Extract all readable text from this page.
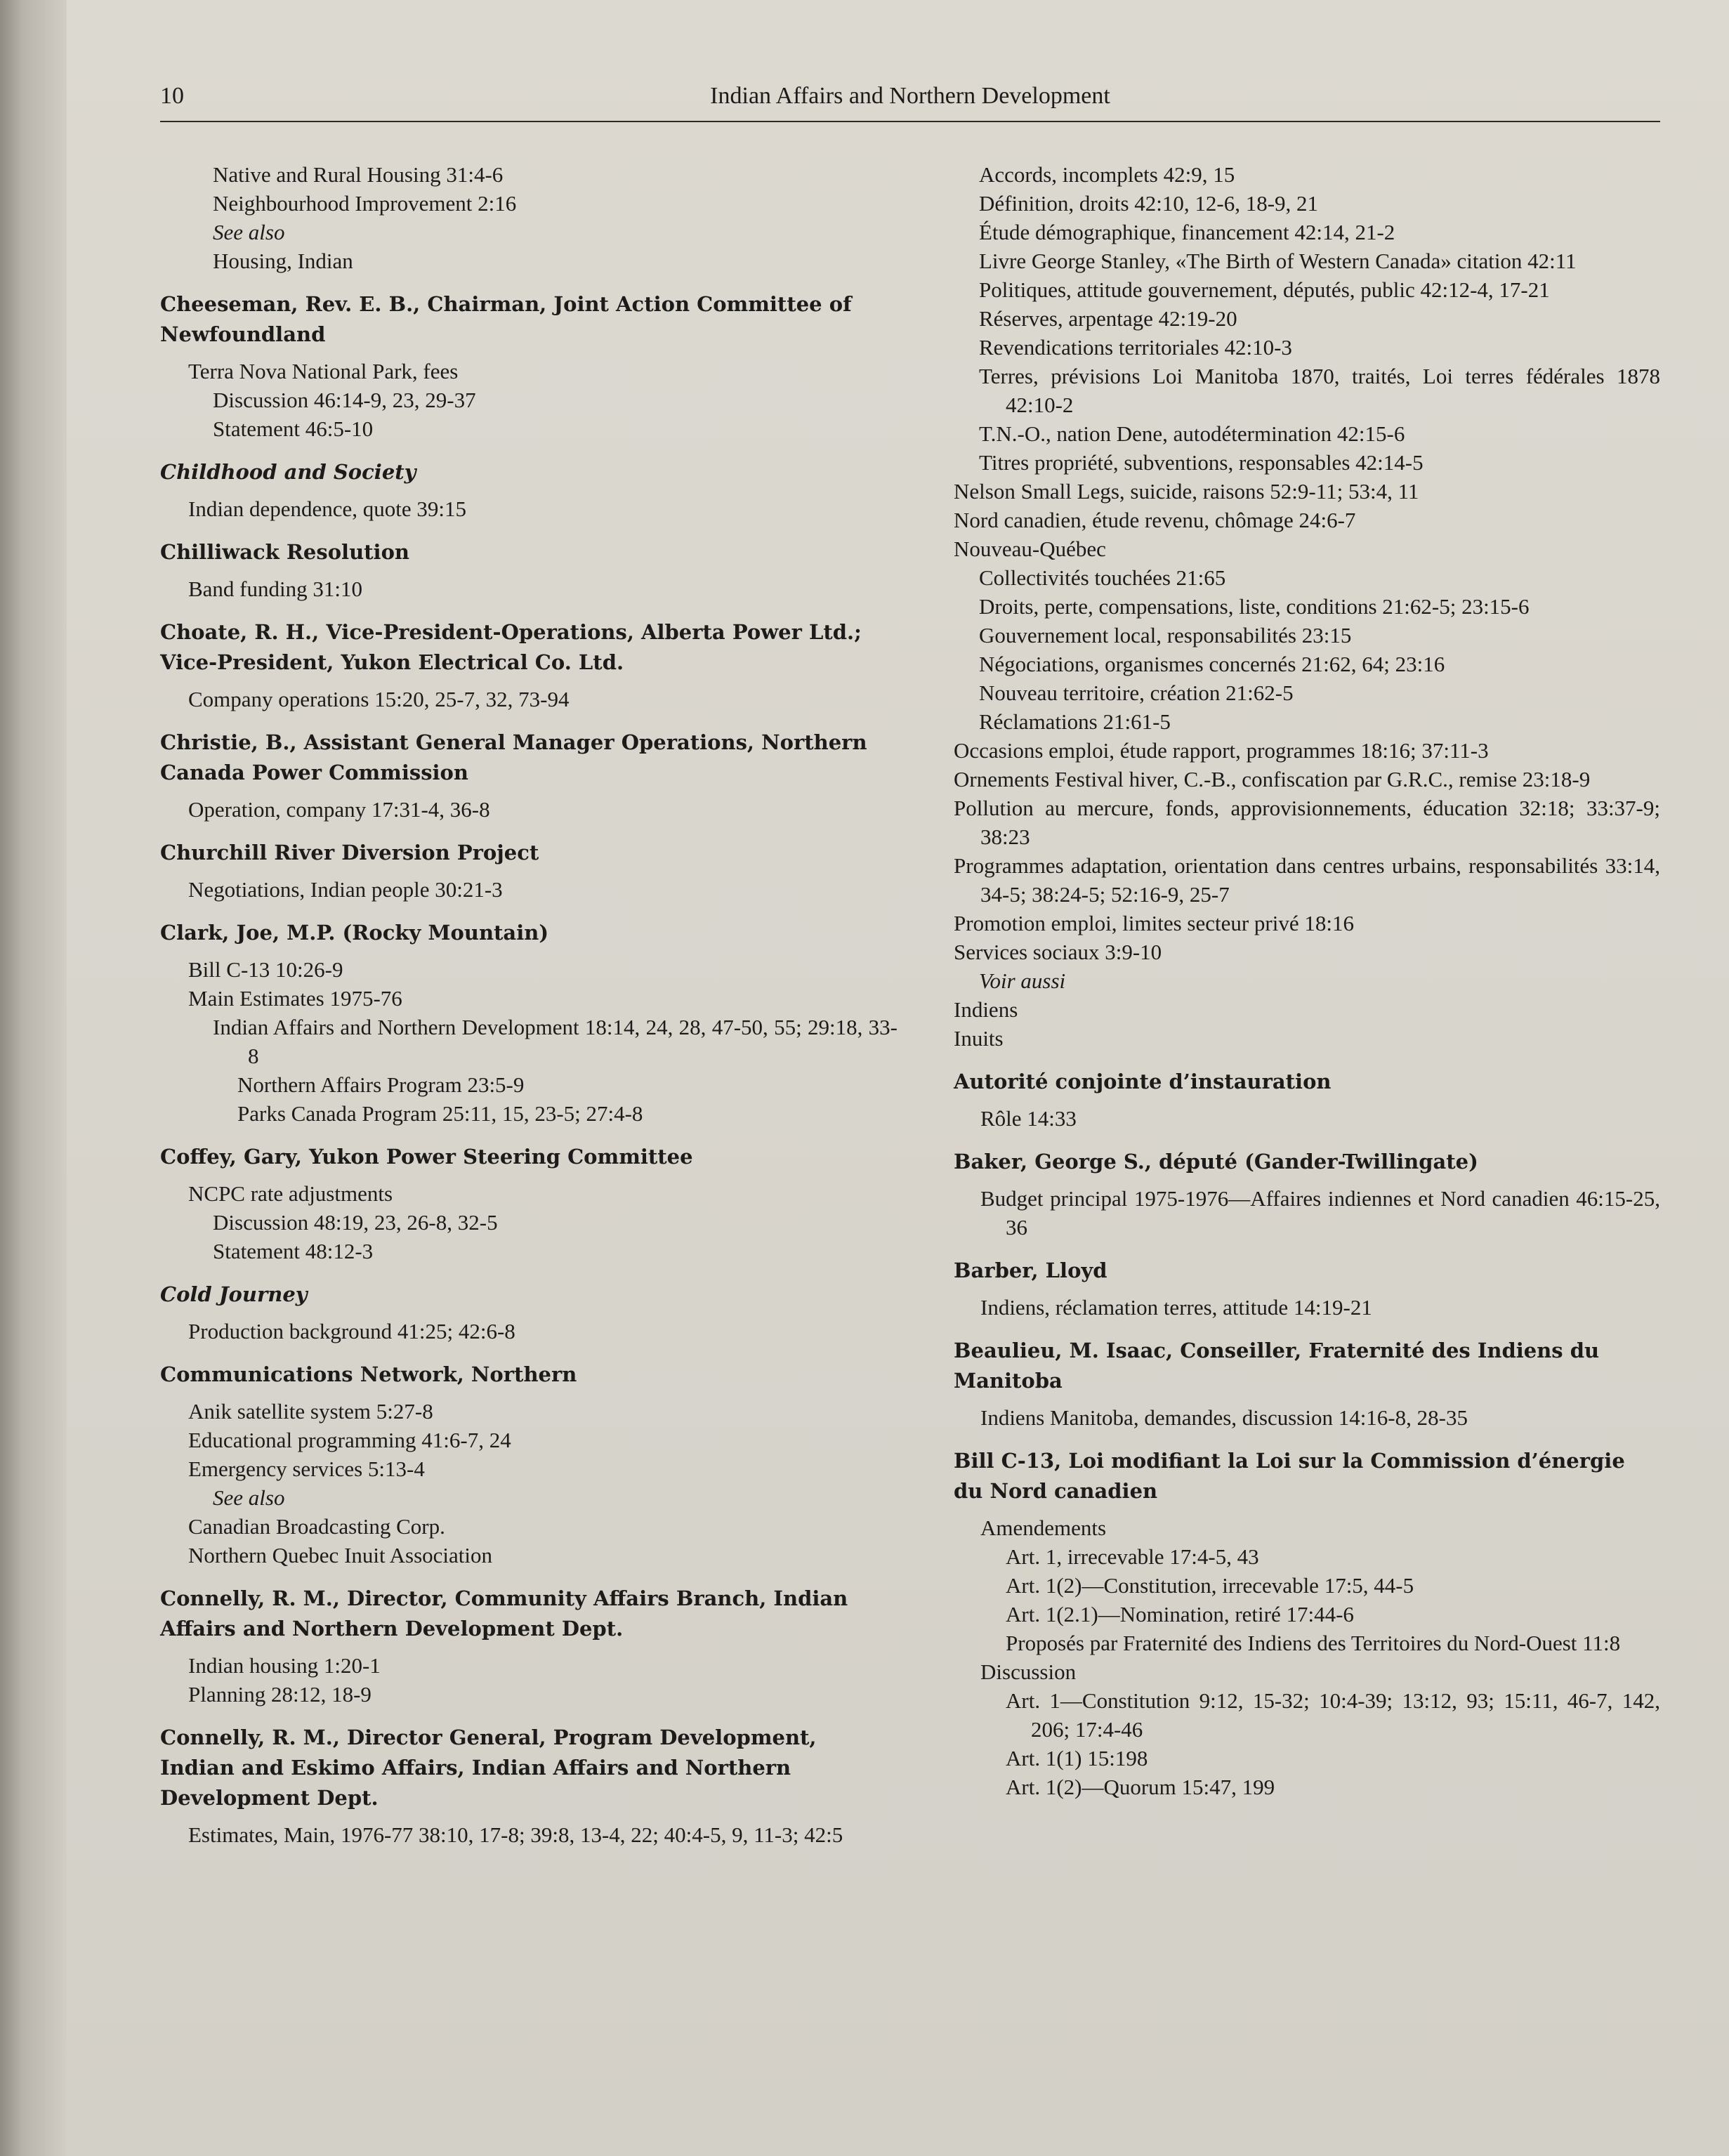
10	Indian Affairs and Northern Development
Native and Rural Housing 31:4-6
Neighbourhood Improvement 2:16
See also
Housing, Indian
Cheeseman, Rev. E. B., Chairman, Joint Action Committee of Newfoundland
Terra Nova National Park, fees
Discussion 46:14-9, 23, 29-37
Statement 46:5-10
Childhood and Society
Indian dependence, quote 39:15
Chilliwack Resolution
Band funding 31:10
Choate, R. H., Vice-President-Operations, Alberta Power Ltd.; Vice-President, Yukon Electrical Co. Ltd.
Company operations 15:20, 25-7, 32, 73-94
Christie, B., Assistant General Manager Operations, Northern Canada Power Commission
Operation, company 17:31-4, 36-8
Churchill River Diversion Project
Negotiations, Indian people 30:21-3
Clark, Joe, M.P. (Rocky Mountain)
Bill C-13 10:26-9
Main Estimates 1975-76
Indian Affairs and Northern Development 18:14, 24, 28, 47-50, 55; 29:18, 33-8
Northern Affairs Program 23:5-9
Parks Canada Program 25:11, 15, 23-5; 27:4-8
Coffey, Gary, Yukon Power Steering Committee
NCPC rate adjustments
Discussion 48:19, 23, 26-8, 32-5
Statement 48:12-3
Cold Journey
Production background 41:25; 42:6-8
Communications Network, Northern
Anik satellite system 5:27-8
Educational programming 41:6-7, 24
Emergency services 5:13-4
See also
Canadian Broadcasting Corp.
Northern Quebec Inuit Association
Connelly, R. M., Director, Community Affairs Branch, Indian Affairs and Northern Development Dept.
Indian housing 1:20-1
Planning 28:12, 18-9
Connelly, R. M., Director General, Program Development, Indian and Eskimo Affairs, Indian Affairs and Northern Development Dept.
Estimates, Main, 1976-77 38:10, 17-8; 39:8, 13-4, 22; 40:4-5, 9, 11-3; 42:5
Accords, incomplets 42:9, 15
Définition, droits 42:10, 12-6, 18-9, 21
Étude démographique, financement 42:14, 21-2
Livre George Stanley, «The Birth of Western Canada» citation 42:11
Politiques, attitude gouvernement, députés, public 42:12-4, 17-21
Réserves, arpentage 42:19-20
Revendications territoriales 42:10-3
Terres, prévisions Loi Manitoba 1870, traités, Loi terres fédérales 1878 42:10-2
T.N.-O., nation Dene, autodétermination 42:15-6
Titres propriété, subventions, responsables 42:14-5
Nelson Small Legs, suicide, raisons 52:9-11; 53:4, 11
Nord canadien, étude revenu, chômage 24:6-7
Nouveau-Québec
Collectivités touchées 21:65
Droits, perte, compensations, liste, conditions 21:62-5; 23:15-6
Gouvernement local, responsabilités 23:15
Négociations, organismes concernés 21:62, 64; 23:16
Nouveau territoire, création 21:62-5
Réclamations 21:61-5
Occasions emploi, étude rapport, programmes 18:16; 37:11-3
Ornements Festival hiver, C.-B., confiscation par G.R.C., remise 23:18-9
Pollution au mercure, fonds, approvisionnements, éducation 32:18; 33:37-9; 38:23
Programmes adaptation, orientation dans centres urbains, responsabilités 33:14, 34-5; 38:24-5; 52:16-9, 25-7
Promotion emploi, limites secteur privé 18:16
Services sociaux 3:9-10
Voir aussi
Indiens
Inuits
Autorité conjointe d’instauration
Rôle 14:33
Baker, George S., député (Gander-Twillingate)
Budget principal 1975-1976—Affaires indiennes et Nord canadien 46:15-25, 36
Barber, Lloyd
Indiens, réclamation terres, attitude 14:19-21
Beaulieu, M. Isaac, Conseiller, Fraternité des Indiens du Manitoba
Indiens Manitoba, demandes, discussion 14:16-8, 28-35
Bill C-13, Loi modifiant la Loi sur la Commission d’énergie du Nord canadien
Amendements
Art. 1, irrecevable 17:4-5, 43
Art. 1(2)—Constitution, irrecevable 17:5, 44-5
Art. 1(2.1)—Nomination, retiré 17:44-6
Proposés par Fraternité des Indiens des Territoires du Nord-Ouest 11:8
Discussion
Art. 1—Constitution 9:12, 15-32; 10:4-39; 13:12, 93; 15:11, 46-7, 142, 206; 17:4-46
Art. 1(1) 15:198
Art. 1(2)—Quorum 15:47, 199
